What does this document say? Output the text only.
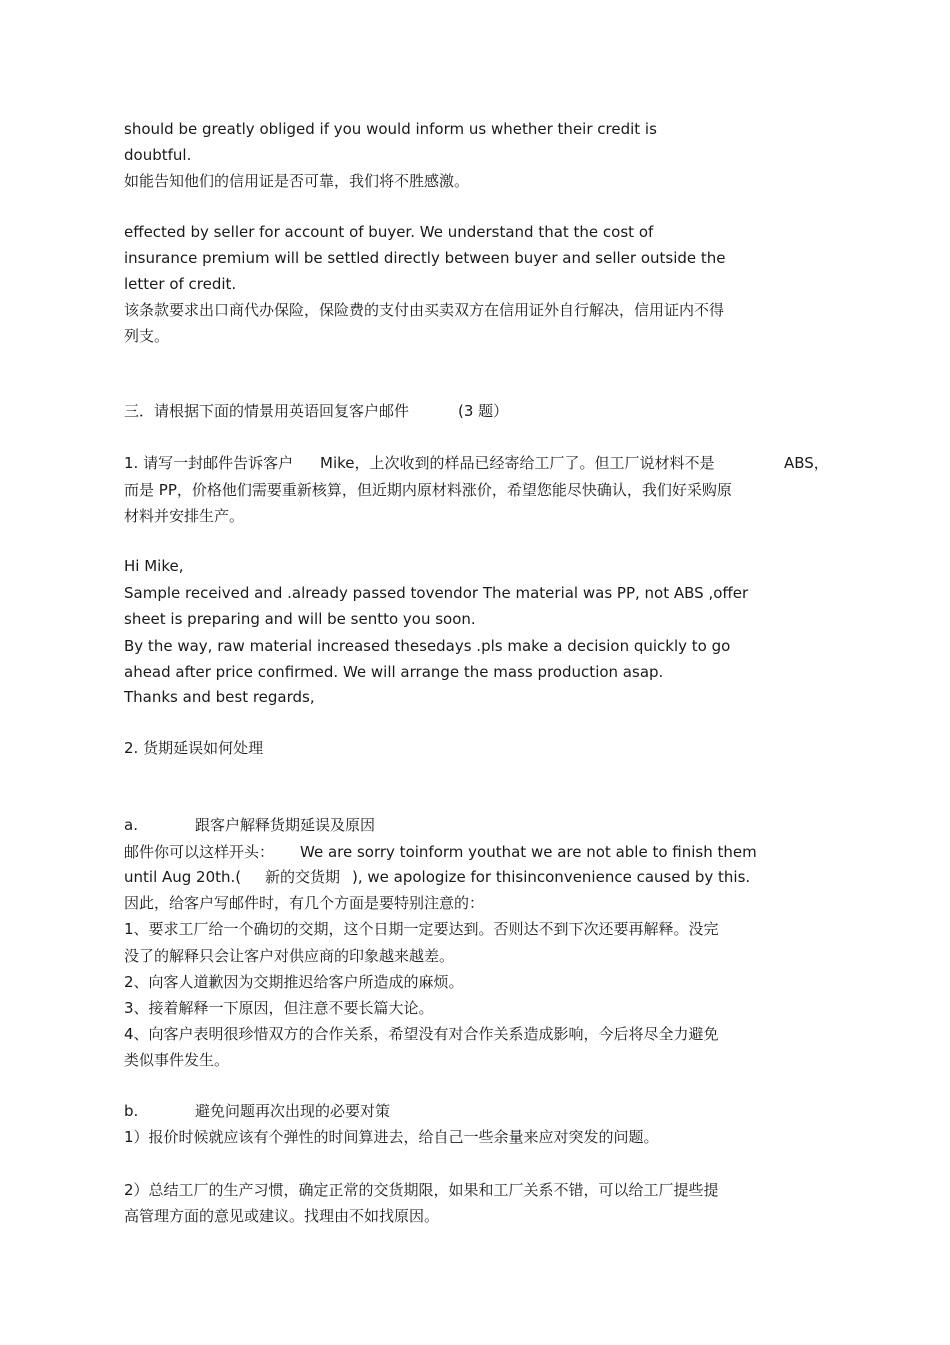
should be greatly obliged if you would inform us whether their credit is
doubtful.
如能告知他们的信用证是否可靠，我们将不胜感激。
effected by seller for account of buyer. We understand that the cost of
insurance premium will be settled directly between buyer and seller outside the
letter of credit.
该条款要求出口商代办保险，保险费的支付由买卖双方在信用证外自行解决，信用证内不得
列支。
三．请根据下面的情景用英语回复客户邮件	(3 题）
1. 请写一封邮件告诉客户 Mike，上次收到的样品已经寄给工厂了。但工厂说材料不是	ABS，
而是 PP，价格他们需要重新核算，但近期内原材料涨价，希望您能尽快确认，我们好采购原
材料并安排生产。
Hi Mike,
Sample received and .already passed tovendor The material was PP, not ABS ,offer
sheet is preparing and will be sentto you soon.
By the way, raw material increased thesedays .pls make a decision quickly to go
ahead after price confirmed. We will arrange the mass production asap.
Thanks and best regards,
2. 货期延误如何处理
a.	跟客户解释货期延误及原因
邮件你可以这样开头： We are sorry toinform youthat we are not able to finish them
until Aug 20th.( 新的交货期 ), we apologize for thisinconvenience caused by this.
因此，给客户写邮件时，有几个方面是要特别注意的：
1、要求工厂给一个确切的交期，这个日期一定要达到。否则达不到下次还要再解释。没完
没了的解释只会让客户对供应商的印象越来越差。
2、向客人道歉因为交期推迟给客户所造成的麻烦。
3、接着解释一下原因，但注意不要长篇大论。
4、向客户表明很珍惜双方的合作关系，希望没有对合作关系造成影响，今后将尽全力避免
类似事件发生。
b.	避免问题再次出现的必要对策
1）报价时候就应该有个弹性的时间算进去，给自己一些余量来应对突发的问题。
2）总结工厂的生产习惯，确定正常的交货期限，如果和工厂关系不错，可以给工厂提些提
高管理方面的意见或建议。找理由不如找原因。
